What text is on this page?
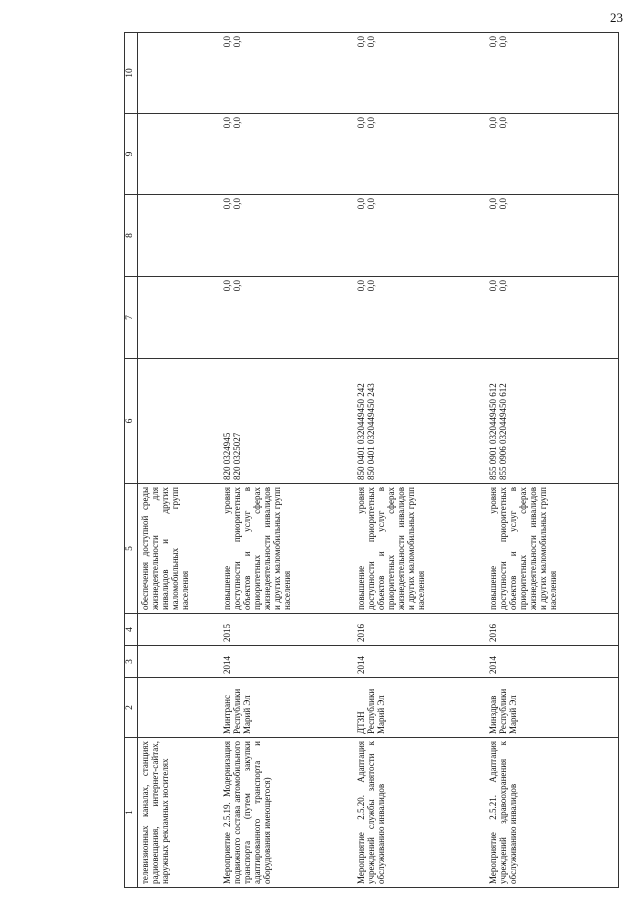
23
1	2	3	4	5	6	7	8	9	10
телевизионных каналах, станциях радиовещания, интернет-сайтах, наружных рекламных носителях				обеспечения доступной среды жизнедеятельности для инвалидов и других маломобильных групп населения					
Мероприятие 2.5.19. Модернизация подвижного состава автомобильного транспорта (путем закупки адаптированного транспорта и оборудования имеющегося)	Минтранс Республики Марий Эл	2014	2015	повышение уровня доступности приоритетных объектов и услуг в приоритетных сферах жизнедеятельности инвалидов и других маломобильных групп населения	820 0324945 820 0325027	0,0 0,0	0,0 0,0	0,0 0,0	0,0 0,0

Мероприятие 2.5.20. Адаптация учреждений службы занятости к обслуживанию инвалидов	ДТЗН Республики Марий Эл	2014	2016	повышение уровня доступности приоритетных объектов и услуг в приоритетных сферах жизнедеятельности инвалидов и других маломобильных групп населения	850 0401 0320449450 242 850 0401 0320449450 243	0,0 0,0	0,0 0,0	0,0 0,0	0,0 0,0

Мероприятие 2.5.21. Адаптация учреждений здравоохранения к обслуживанию инвалидов	Минздрав Республики Марий Эл	2014	2016	повышение уровня доступности приоритетных объектов и услуг в приоритетных сферах жизнедеятельности инвалидов и других маломобильных групп населения	855 0901 0320449450 612 855 0906 0320449450 612	0,0 0,0	0,0 0,0	0,0 0,0	0,0 0,0
